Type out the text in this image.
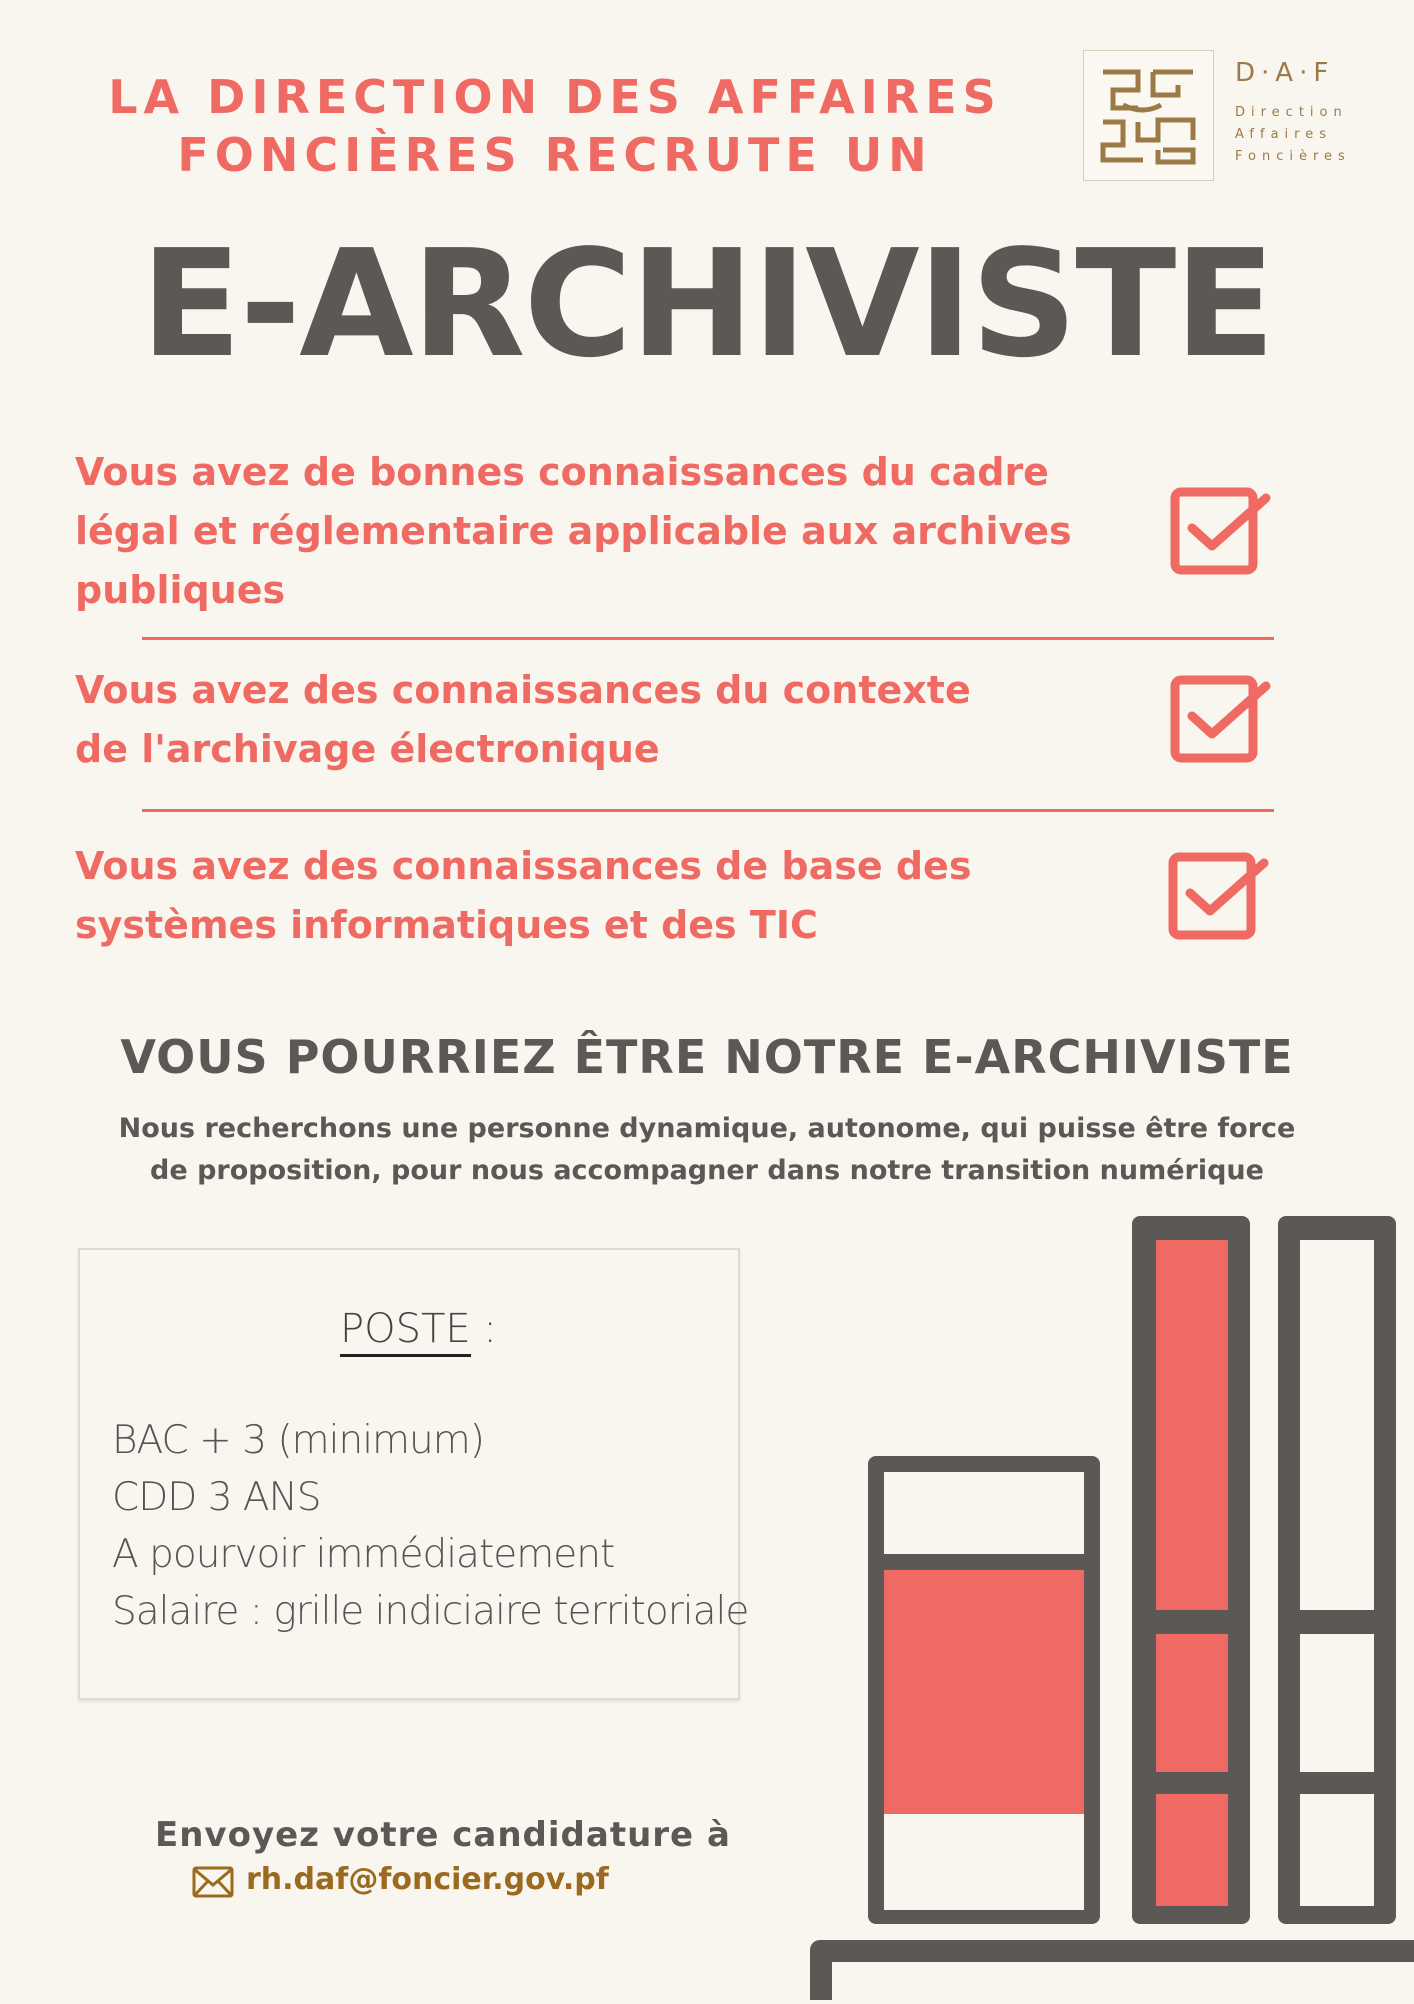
LA DIRECTION DES AFFAIRES
FONCIÈRES RECRUTE UN
D·A·F
Direction
Affaires
Foncières
E-ARCHIVISTE
Vous avez de bonnes connaissances du cadre
légal et réglementaire applicable aux archives
publiques
Vous avez des connaissances du contexte
de l'archivage électronique
Vous avez des connaissances de base des
systèmes informatiques et des TIC
VOUS POURRIEZ ÊTRE NOTRE E-ARCHIVISTE
Nous recherchons une personne dynamique, autonome, qui puisse être force
de proposition, pour nous accompagner dans notre transition numérique
POSTE :
BAC + 3 (minimum)
CDD 3 ANS
A pourvoir immédiatement
Salaire : grille indiciaire territoriale
Envoyez votre candidature à
rh.daf@foncier.gov.pf
